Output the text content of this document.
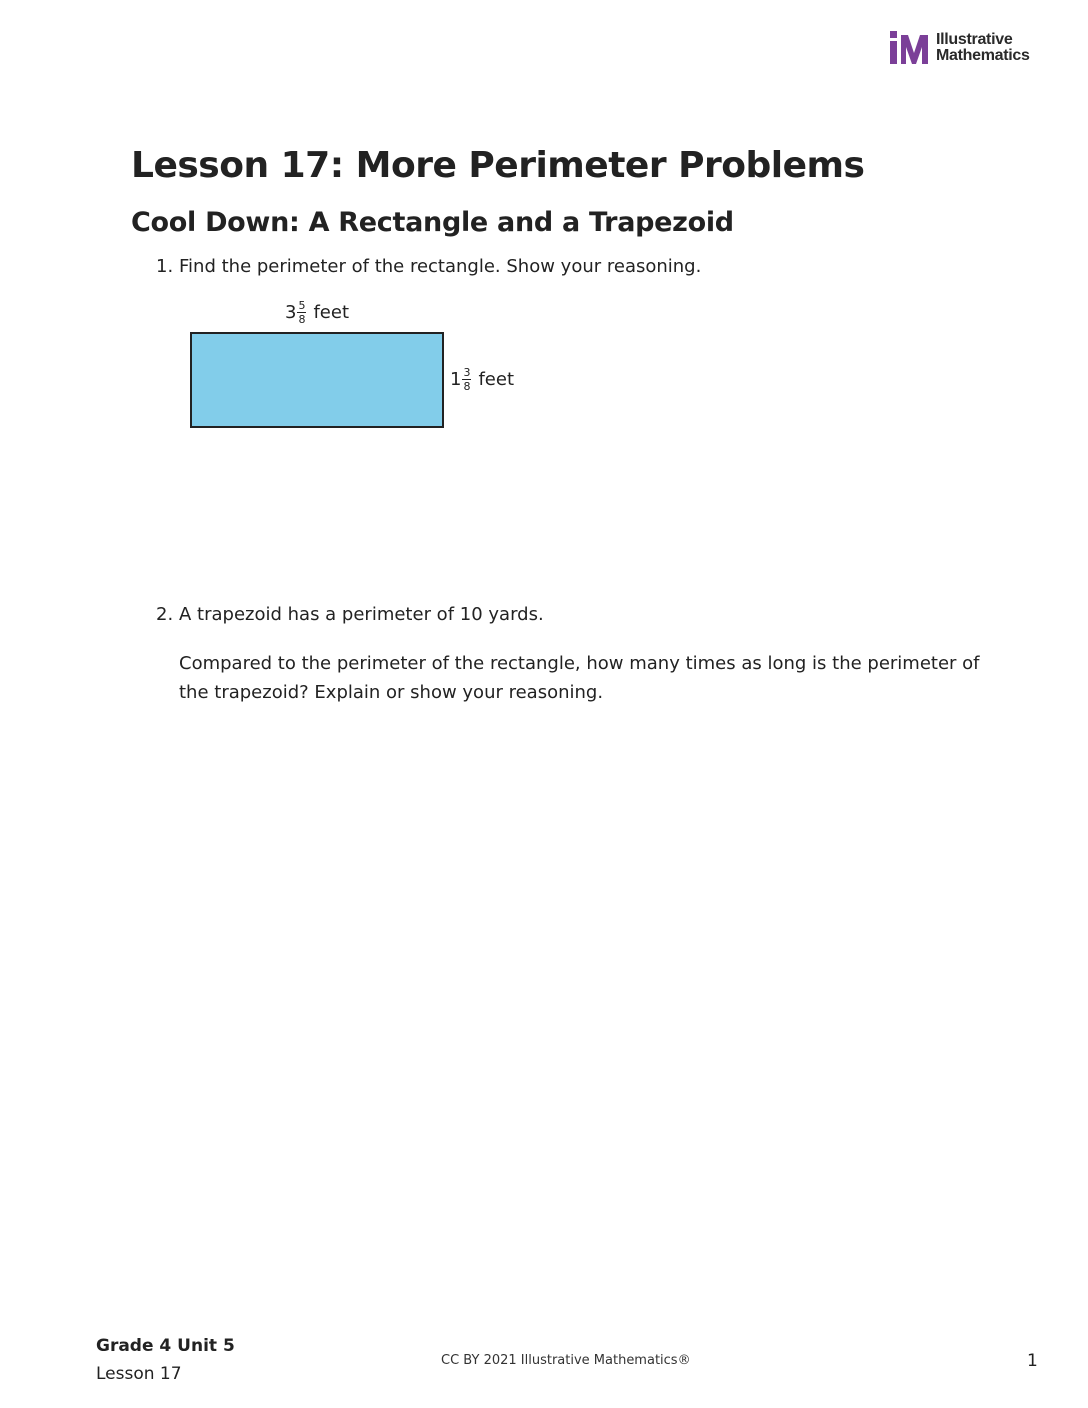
Illustrative
Mathematics
Lesson 17: More Perimeter Problems
Cool Down: A Rectangle and a Trapezoid
1. Find the perimeter of the rectangle. Show your reasoning.
$3 \frac{5}{8}$ feet
$1 \frac{3}{8}$ feet
2. A trapezoid has a perimeter of 10 yards.
Compared to the perimeter of the rectangle, how many times as long is the perimeter of the trapezoid? Explain or show your reasoning.
Grade 4 Unit 5
Lesson 17
CC BY 2021 Illustrative Mathematics®	1
